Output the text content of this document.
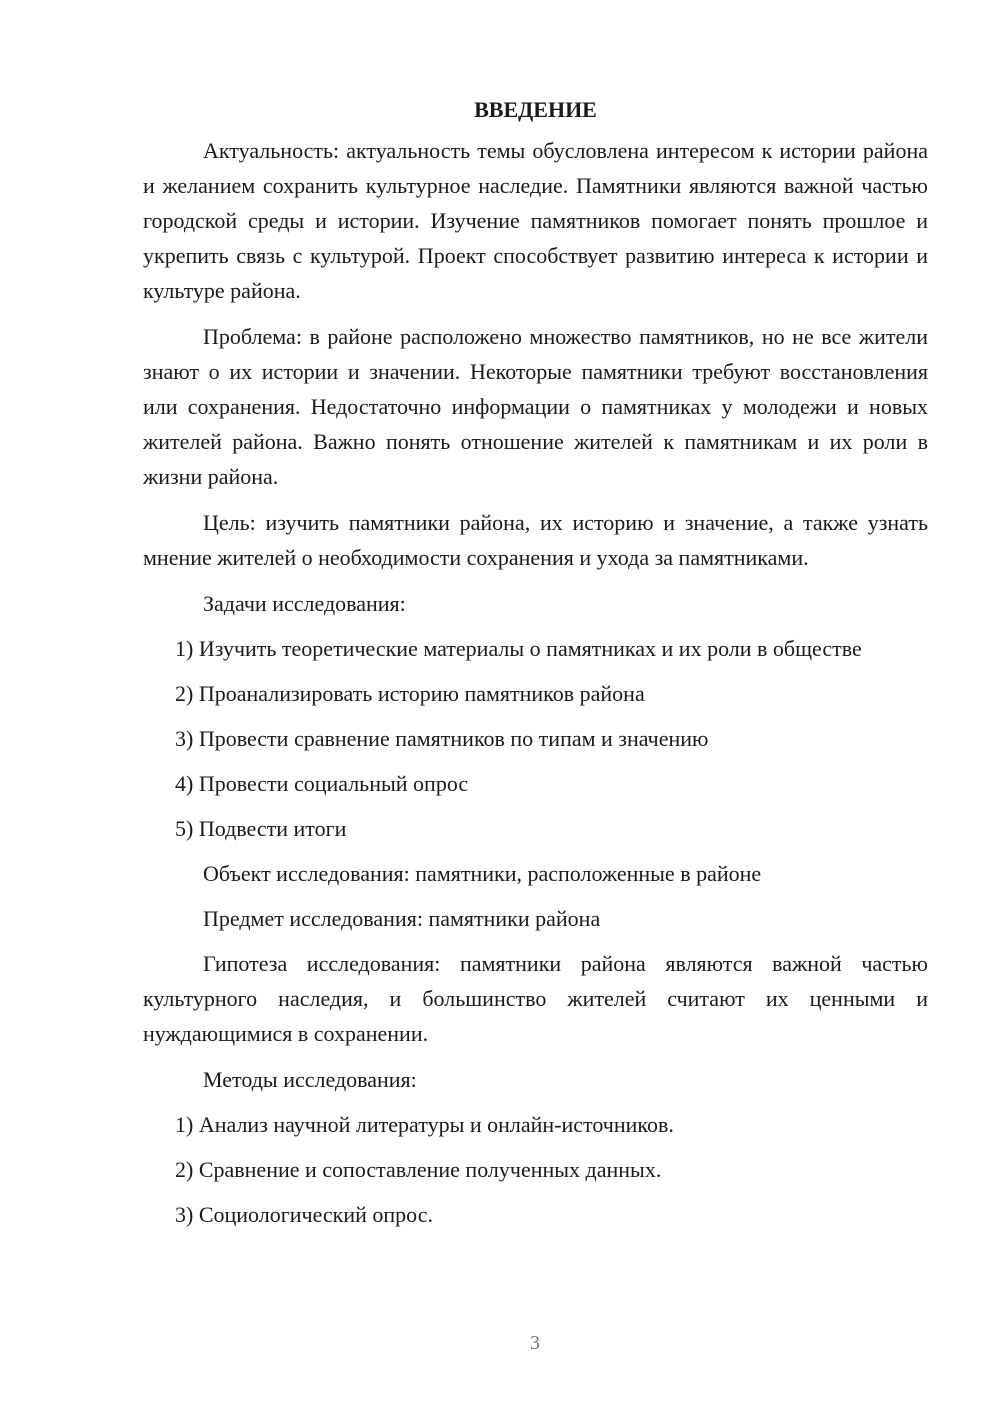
ВВЕДЕНИЕ

Актуальность: актуальность темы обусловлена интересом к истории района и желанием сохранить культурное наследие. Памятники являются важной частью городской среды и истории. Изучение памятников помогает понять прошлое и укрепить связь с культурой. Проект способствует развитию интереса к истории и культуре района.

Проблема: в районе расположено множество памятников, но не все жители знают о их истории и значении. Некоторые памятники требуют восстановления или сохранения. Недостаточно информации о памятниках у молодежи и новых жителей района. Важно понять отношение жителей к памятникам и их роли в жизни района.

Цель: изучить памятники района, их историю и значение, а также узнать мнение жителей о необходимости сохранения и ухода за памятниками.

Задачи исследования:

1) Изучить теоретические материалы о памятниках и их роли в обществе

2) Проанализировать историю памятников района

3) Провести сравнение памятников по типам и значению

4) Провести социальный опрос

5) Подвести итоги

Объект исследования: памятники, расположенные в районе

Предмет исследования: памятники района

Гипотеза исследования: памятники района являются важной частью культурного наследия, и большинство жителей считают их ценными и нуждающимися в сохранении.

Методы исследования:

1) Анализ научной литературы и онлайн-источников.

2) Сравнение и сопоставление полученных данных.

3) Социологический опрос.

3
